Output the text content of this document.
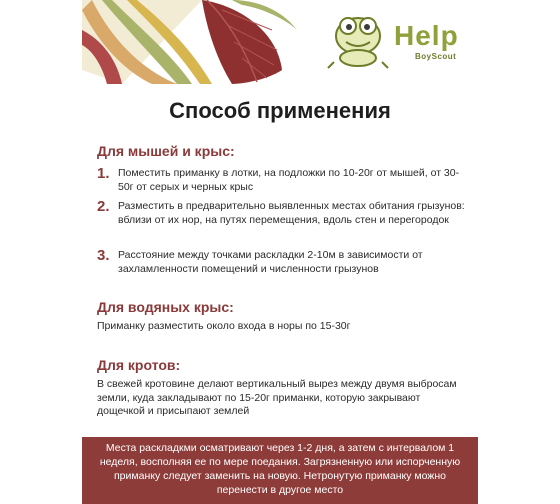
Help
BoyScout
Способ применения
Для мышей и крыс:
1. Поместить приманку в лотки, на подложки по 10-20г от мышей, от 30-50г от серых и черных крыс
2. Разместить в предварительно выявленных местах обитания грызунов: вблизи от их нор, на путях перемещения, вдоль стен и перегородок
3. Расстояние между точками раскладки 2-10м в зависимости от захламленности помещений и численности грызунов
Для водяных крыс:
Приманку разместить около входа в норы по 15-30г
Для кротов:
В свежей кротовине делают вертикальный вырез между двумя выбросам земли, куда закладывают по 15-20г приманки, которую закрывают дощечкой и присыпают землей
Места раскладкми осматривают через 1-2 дня, а затем с интервалом 1 неделя, восполняя ее по мере поедания. Загрязненную или испорченную приманку следует заменить на новую. Нетронутую приманку можно перенести в другое место
